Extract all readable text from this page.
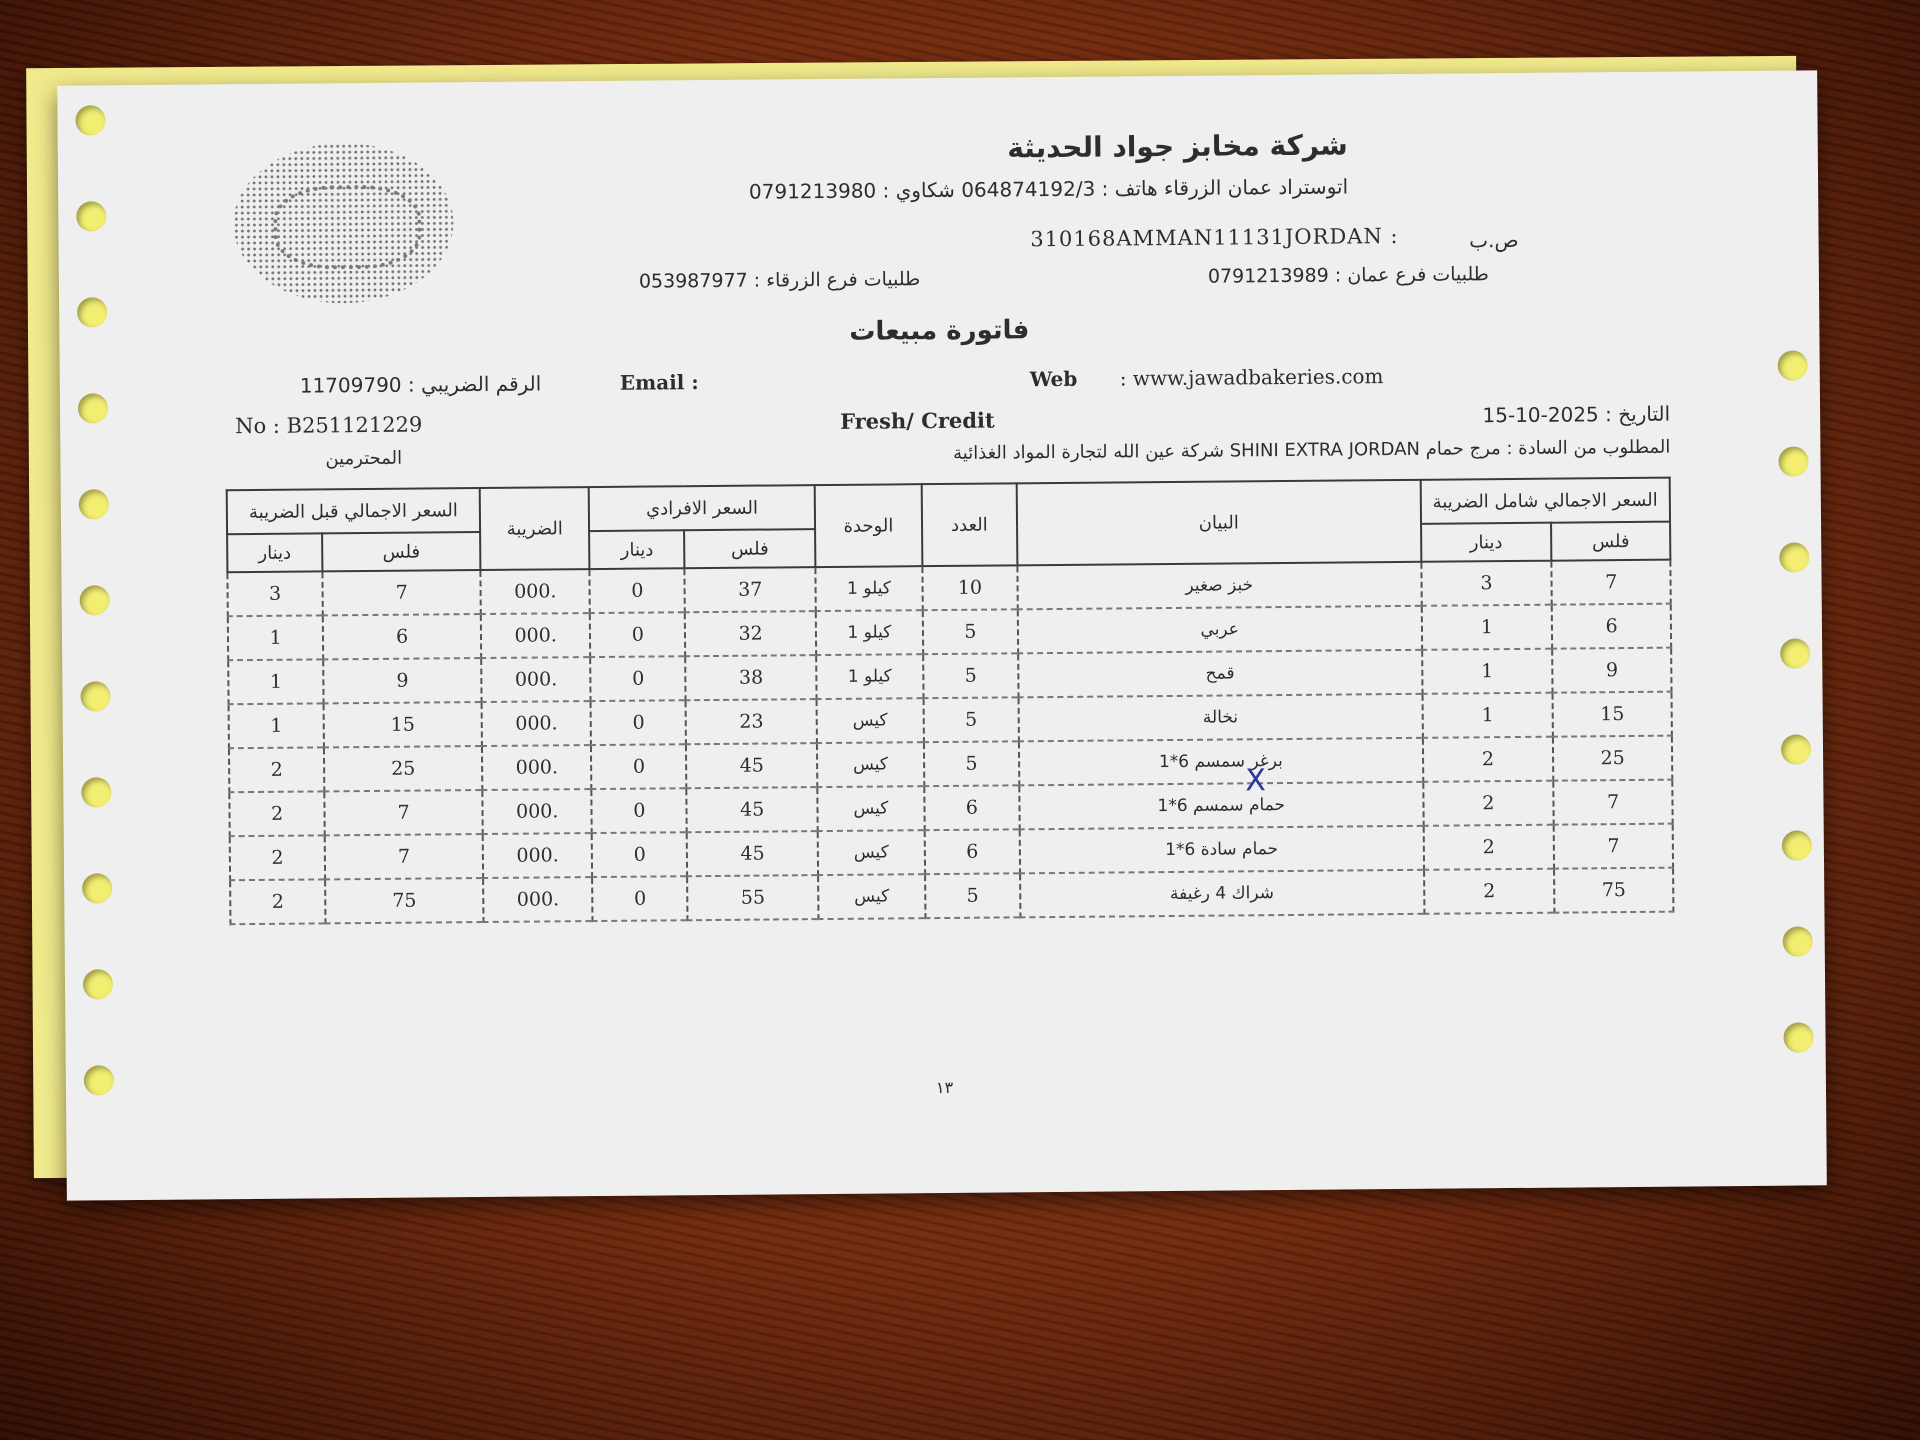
شركة مخابز جواد الحديثة
اتوستراد عمان الزرقاء هاتف : 064874192/3 شكاوي : 0791213980
ص.ب
310168AMMAN11131JORDAN :
طلبيات فرع عمان : 0791213989
طلبيات فرع الزرقاء : 053987977
فاتورة مبيعات
الرقم الضريبي : 11709790	Email :	Web : www.jawadbakeries.com
No : B251121229	Fresh/ Credit	التاريخ : 2025-10-15
المحترمين	المطلوب من السادة : مرج حمام SHINI EXTRA JORDAN شركة عين الله لتجارة المواد الغذائية
السعر الاجمالي شامل الضريبة		البيان	العدد	الوحدة	السعر الافرادي		الضريبة	السعر الاجمالي قبل الضريبة	
فلس	دينار				فلس	دينار		فلس	دينار
7	3	خبز صغير	10	كيلو 1	37	0	.000	7	3
6	1	عربي	5	كيلو 1	32	0	.000	6	1
9	1	قمح	5	كيلو 1	38	0	.000	9	1
15	1	نخالة	5	كيس	23	0	.000	15	1
25	2	برغر سمسم 6*1	5	كيس	45	0	.000	25	2
7	2	حمام سمسم 6*1	6	كيس	45	0	.000	7	2
7	2	حمام سادة 6*1	6	كيس	45	0	.000	7	2
75	2	شراك 4 رغيفة	5	كيس	55	0	.000	75	2
X
١٣
